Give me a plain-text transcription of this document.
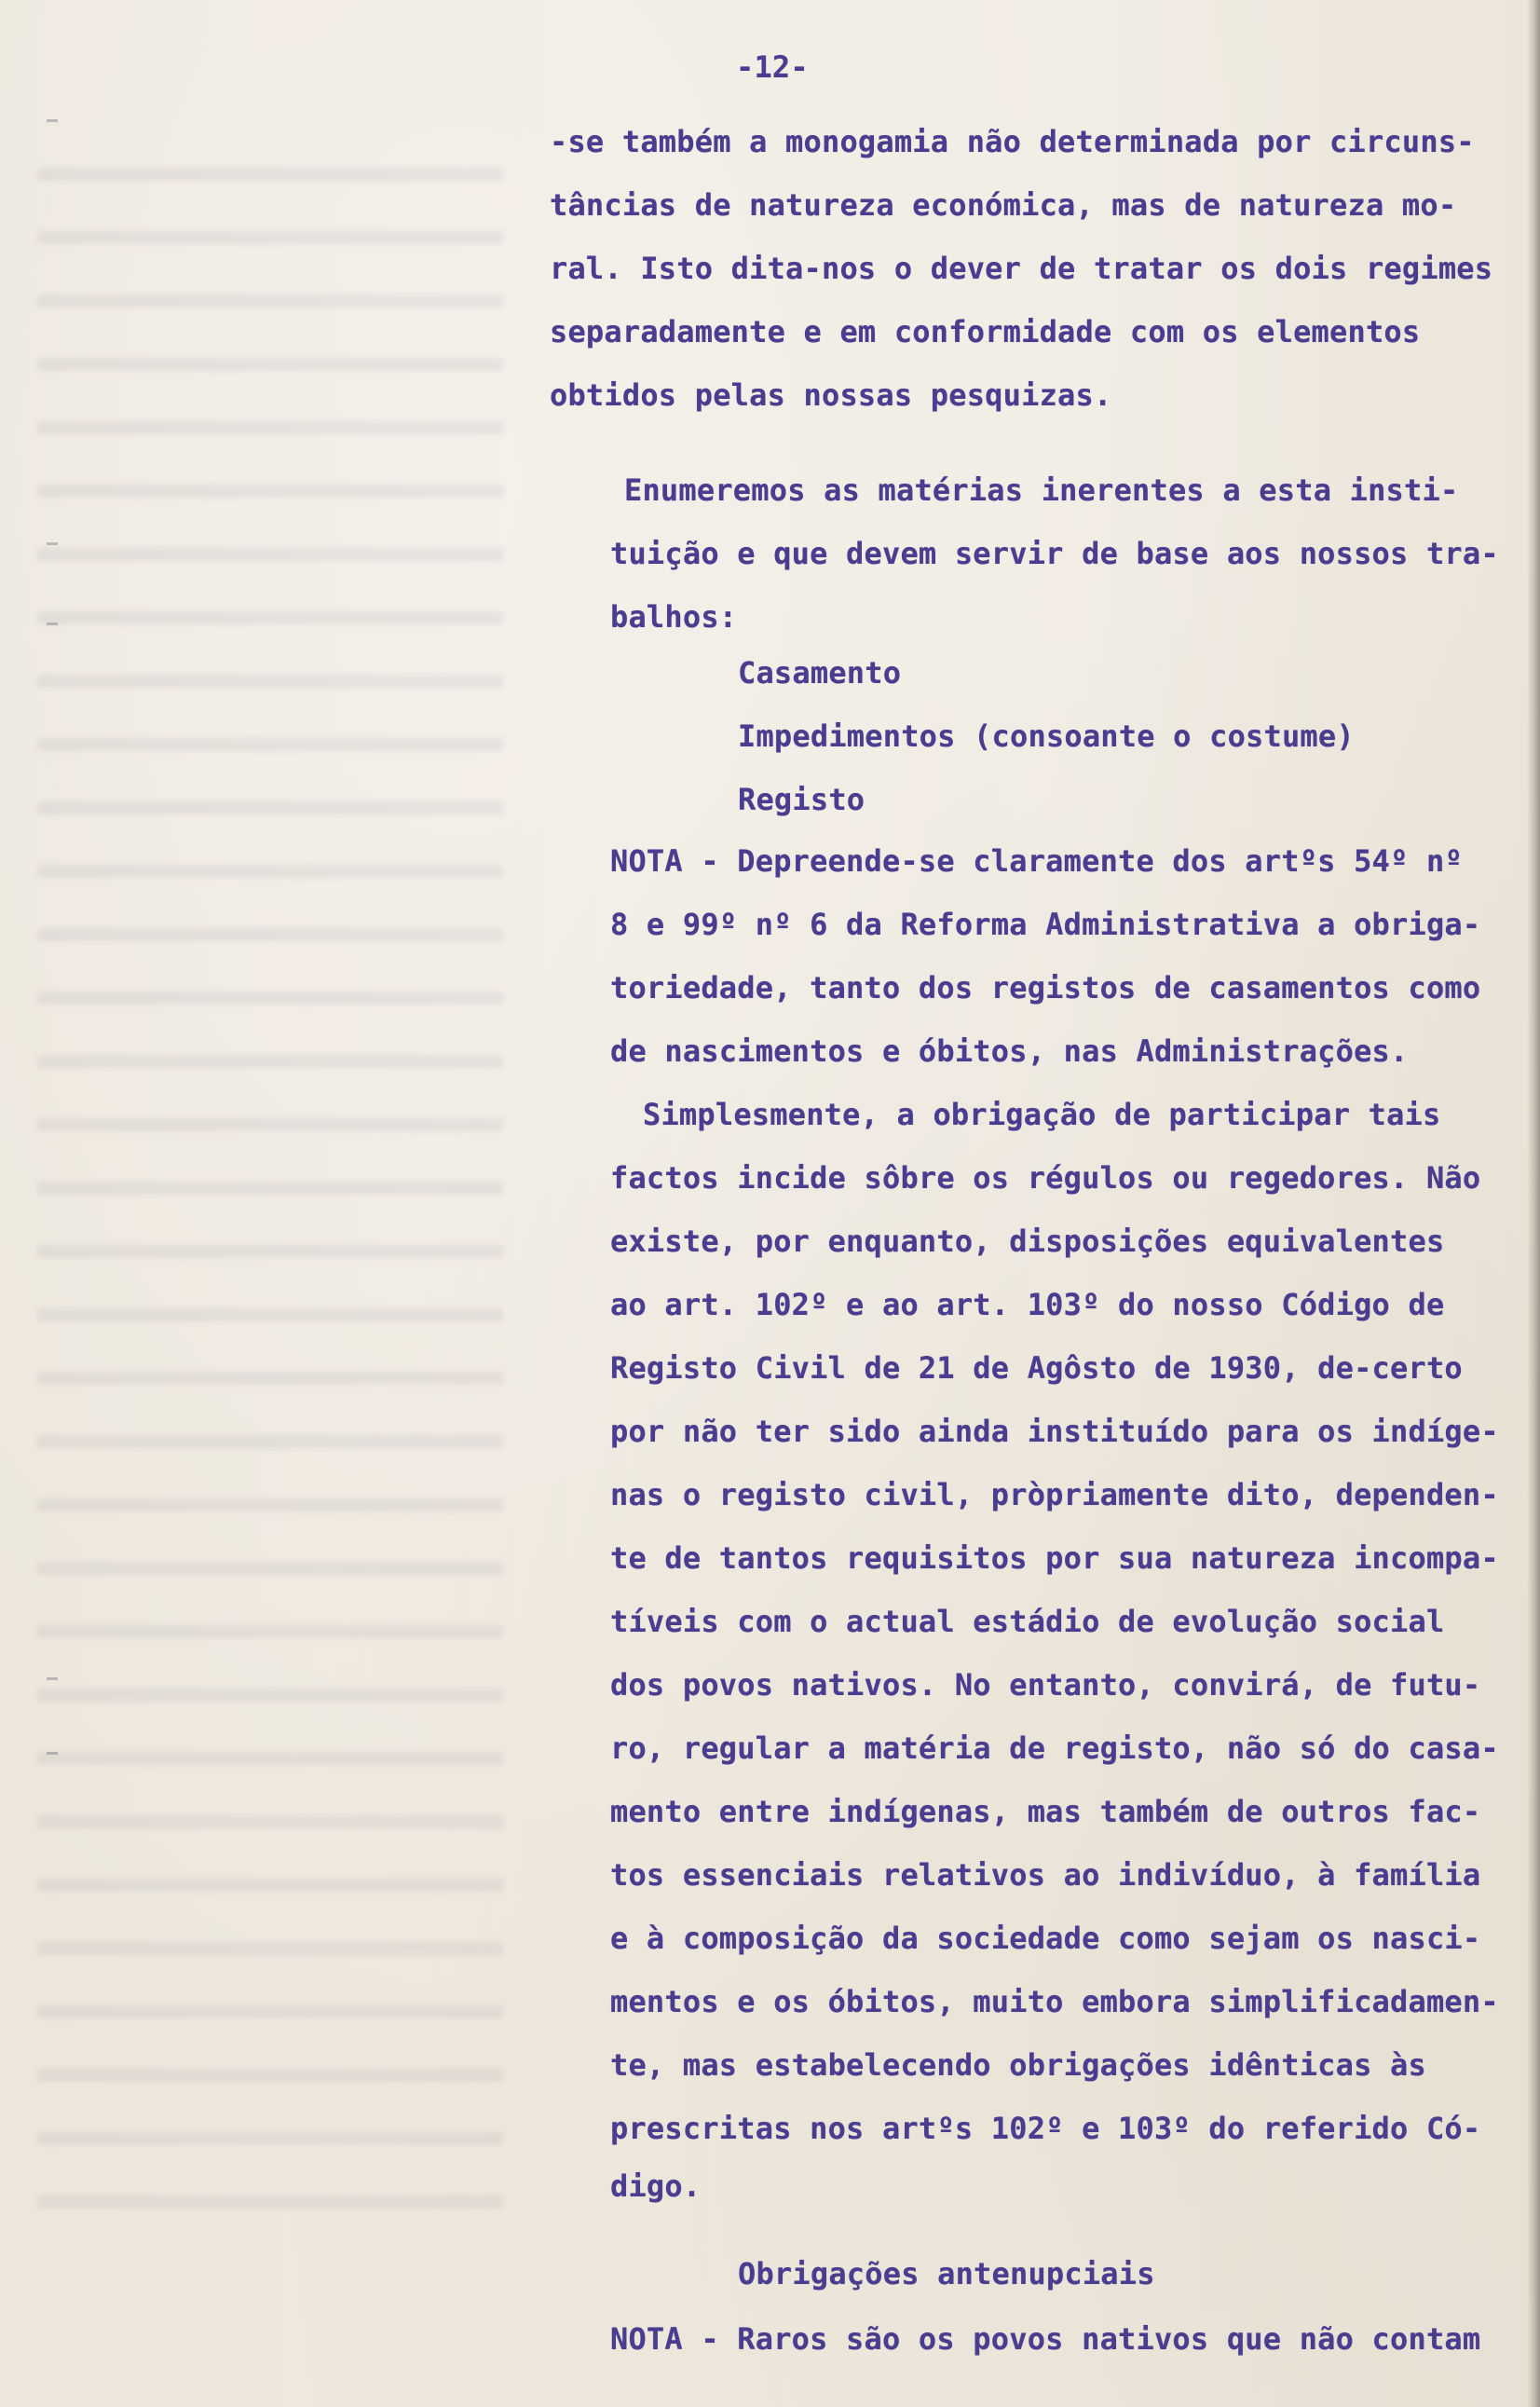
-12-
-se também a monogamia não determinada por circuns-
tâncias de natureza económica, mas de natureza mo-
ral. Isto dita-nos o dever de tratar os dois regimes
separadamente e em conformidade com os elementos
obtidos pelas nossas pesquizas.
Enumeremos as matérias inerentes a esta insti-
tuição e que devem servir de base aos nossos tra-
balhos:
Casamento
Impedimentos (consoante o costume)
Registo
NOTA - Depreende-se claramente dos artºs 54º nº
8 e 99º nº 6 da Reforma Administrativa a obriga-
toriedade, tanto dos registos de casamentos como
de nascimentos e óbitos, nas Administrações.
Simplesmente, a obrigação de participar tais
factos incide sôbre os régulos ou regedores. Não
existe, por enquanto, disposições equivalentes
ao art. 102º e ao art. 103º do nosso Código de
Registo Civil de 21 de Agôsto de 1930, de-certo
por não ter sido ainda instituído para os indíge-
nas o registo civil, pròpriamente dito, dependen-
te de tantos requisitos por sua natureza incompa-
tíveis com o actual estádio de evolução social
dos povos nativos. No entanto, convirá, de futu-
ro, regular a matéria de registo, não só do casa-
mento entre indígenas, mas também de outros fac-
tos essenciais relativos ao indivíduo, à família
e à composição da sociedade como sejam os nasci-
mentos e os óbitos, muito embora simplificadamen-
te, mas estabelecendo obrigações idênticas às
prescritas nos artºs 102º e 103º do referido Có-
digo.
Obrigações antenupciais
NOTA - Raros são os povos nativos que não contam
